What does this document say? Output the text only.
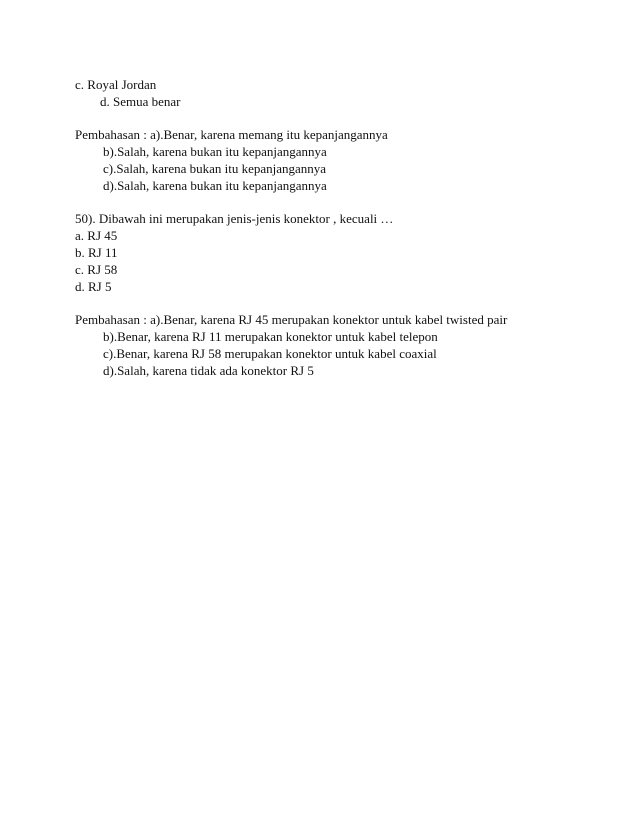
c. Royal Jordan
d. Semua benar
Pembahasan : a).Benar, karena memang itu kepanjangannya
b).Salah, karena bukan itu kepanjangannya
c).Salah, karena bukan itu kepanjangannya
d).Salah, karena bukan itu kepanjangannya
50). Dibawah ini merupakan jenis-jenis konektor , kecuali …
a. RJ 45
b. RJ 11
c. RJ 58
d. RJ 5
Pembahasan : a).Benar, karena RJ 45 merupakan konektor untuk kabel twisted pair
b).Benar, karena RJ 11 merupakan konektor untuk kabel telepon
c).Benar, karena RJ 58 merupakan konektor untuk kabel coaxial
d).Salah, karena tidak ada konektor RJ 5
